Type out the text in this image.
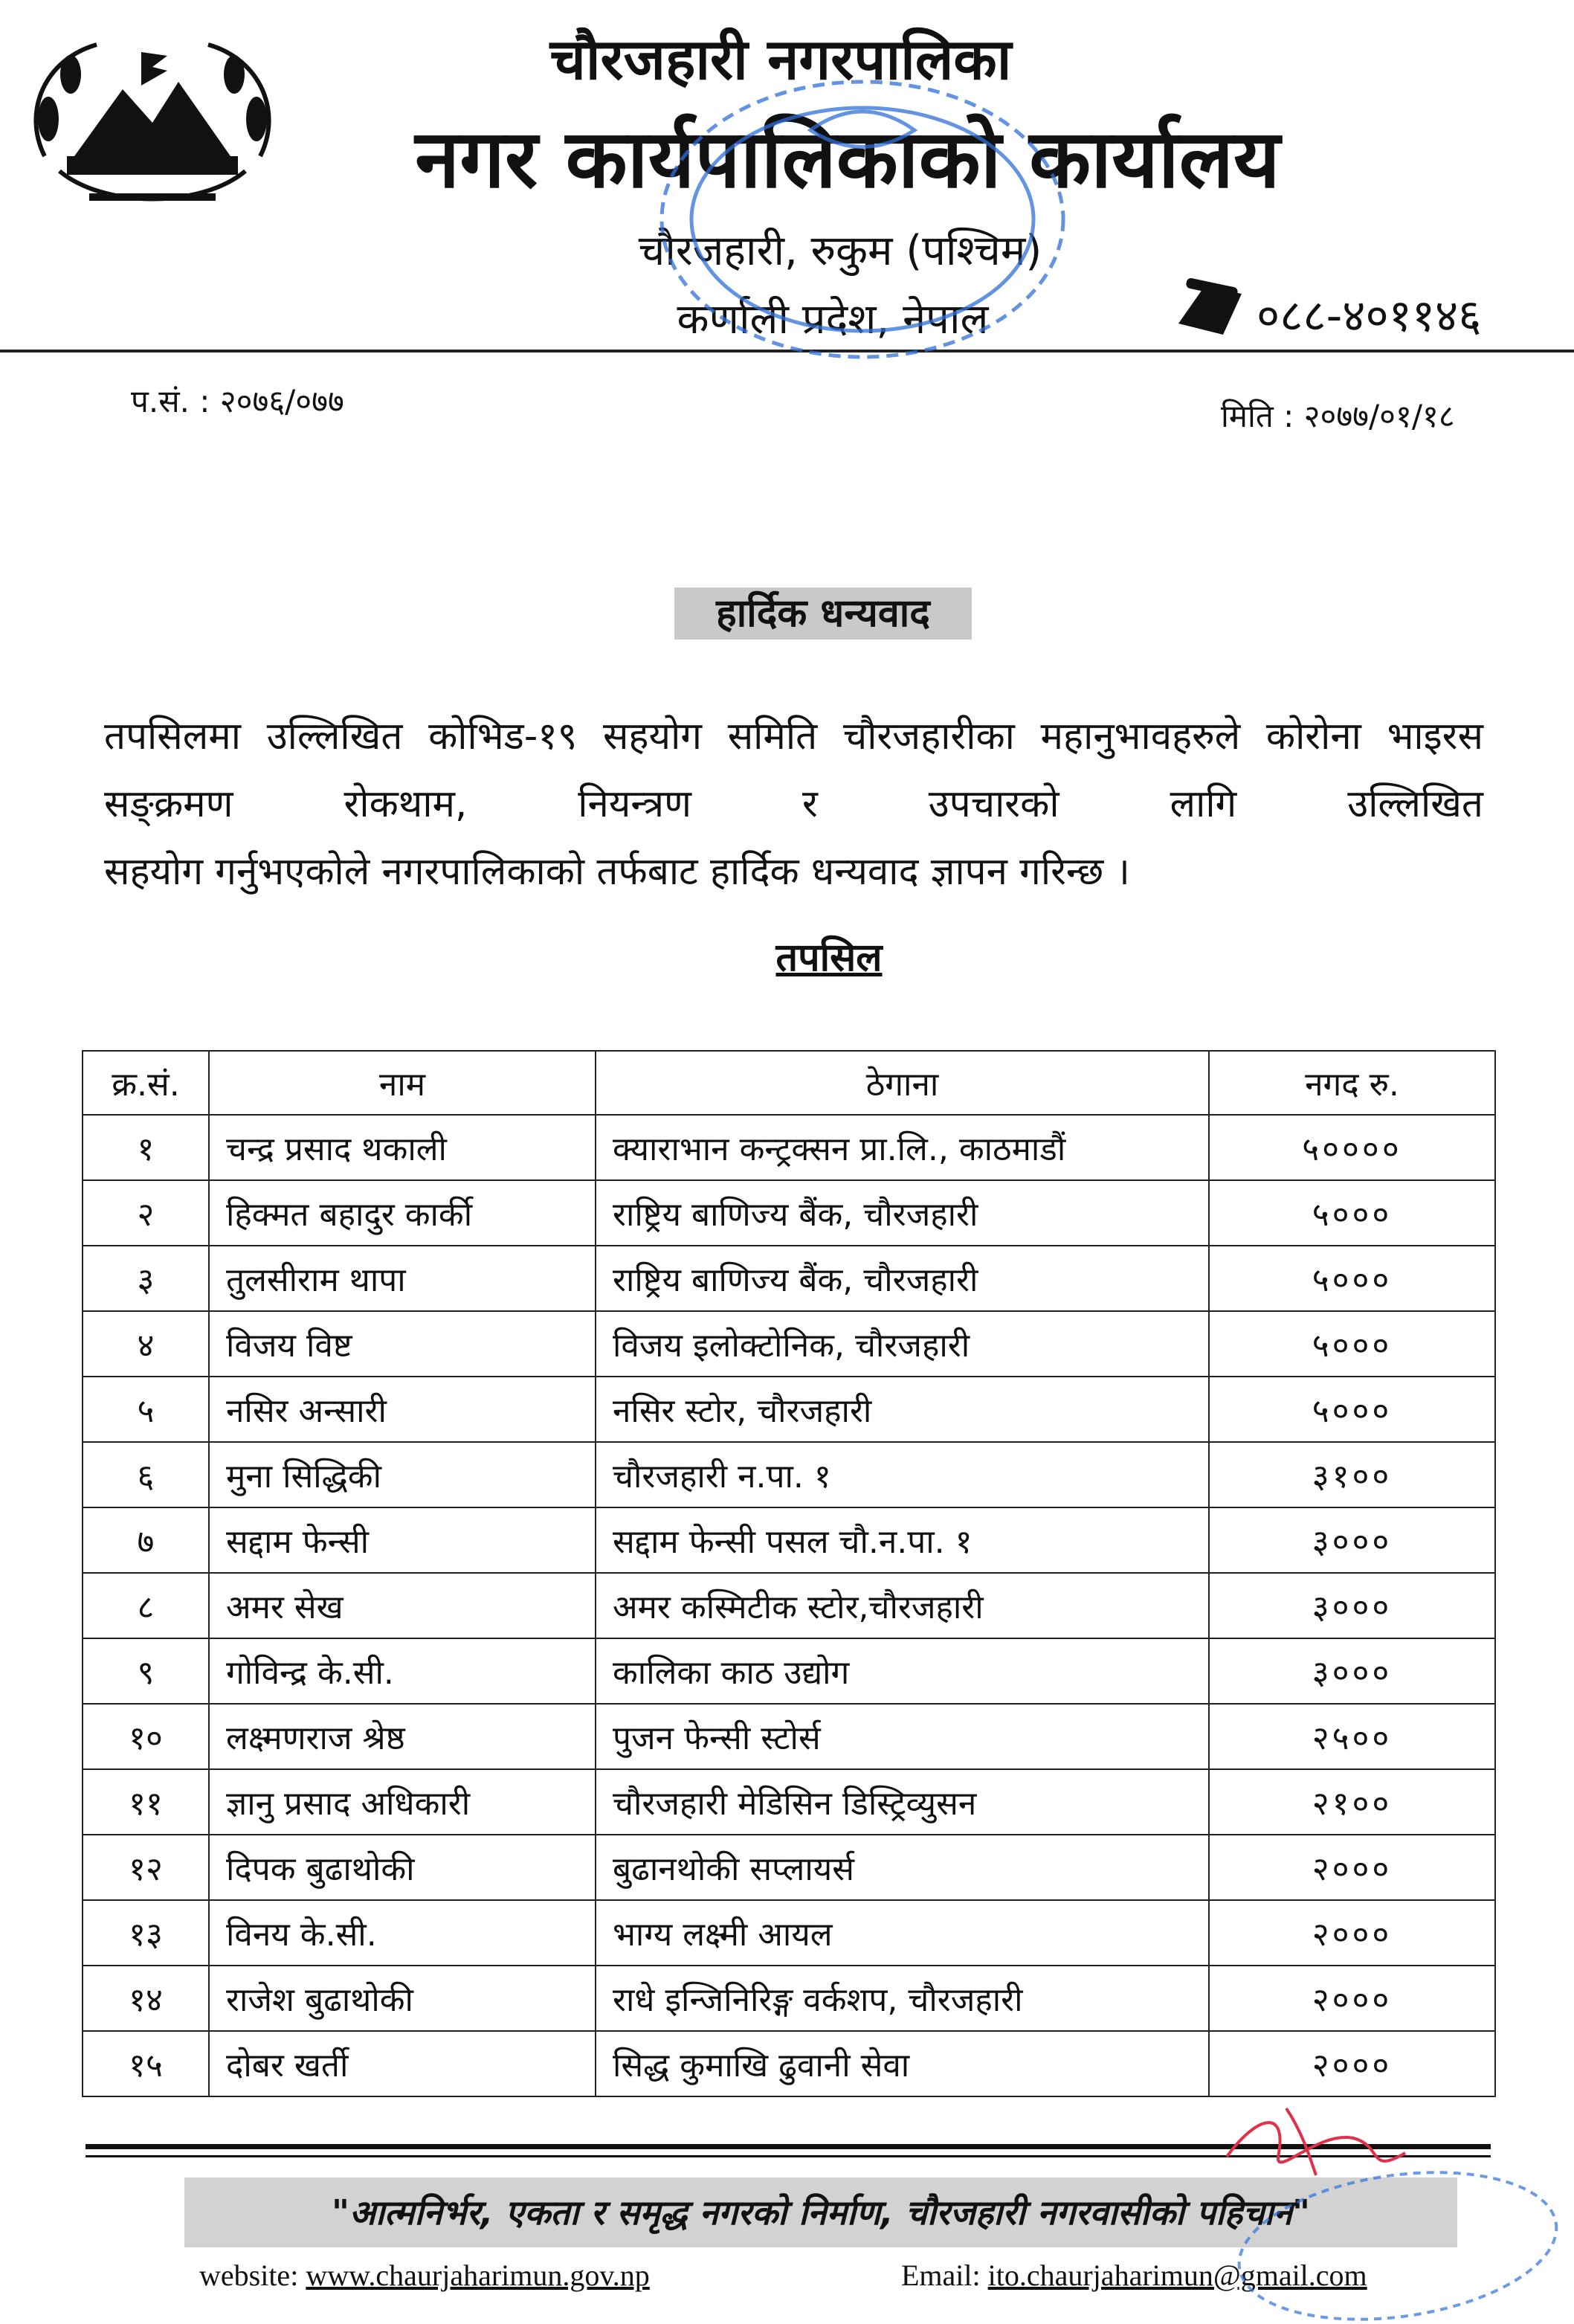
चौरजहारी नगरपालिका
नगर कार्यपालिकाको कार्यालय
चौरजहारी, रुकुम (पश्चिम)
कर्णाली प्रदेश, नेपाल	०८८-४०११४६
प.सं. : २०७६/०७७	मिति : २०७७/०१/१८
हार्दिक धन्यवाद
तपसिलमा उल्लिखित कोभिड-१९ सहयोग समिति चौरजहारीका महानुभावहरुले कोरोना भाइरस सङ्क्रमण रोकथाम, नियन्त्रण र उपचारको लागि उल्लिखित
सहयोग गर्नुभएकोले नगरपालिकाको तर्फबाट हार्दिक धन्यवाद ज्ञापन गरिन्छ ।
तपसिल
क्र.सं.	नाम	ठेगाना	नगद रु.
१	चन्द्र प्रसाद थकाली	क्याराभान कन्ट्रक्सन प्रा.लि., काठमाडौं	५००००
२	हिक्मत बहादुर कार्की	राष्ट्रिय बाणिज्य बैंक, चौरजहारी	५०००
३	तुलसीराम थापा	राष्ट्रिय बाणिज्य बैंक, चौरजहारी	५०००
४	विजय विष्ट	विजय इलोक्टोनिक, चौरजहारी	५०००
५	नसिर अन्सारी	नसिर स्टोर, चौरजहारी	५०००
६	मुना सिद्धिकी	चौरजहारी न.पा. १	३१००
७	सद्दाम फेन्सी	सद्दाम फेन्सी पसल चौ.न.पा. १	३०००
८	अमर सेख	अमर कस्मिटीक स्टोर,चौरजहारी	३०००
९	गोविन्द्र के.सी.	कालिका काठ उद्योग	३०००
१०	लक्ष्मणराज श्रेष्ठ	पुजन फेन्सी स्टोर्स	२५००
११	ज्ञानु प्रसाद अधिकारी	चौरजहारी मेडिसिन डिस्ट्रिव्युसन	२१००
१२	दिपक बुढाथोकी	बुढानथोकी सप्लायर्स	२०००
१३	विनय के.सी.	भाग्य लक्ष्मी आयल	२०००
१४	राजेश बुढाथोकी	राधे इन्जिनिरिङ्ग वर्कशप, चौरजहारी	२०००
१५	दोबर खर्ती	सिद्ध कुमाखि ढुवानी सेवा	२०००
"आत्मनिर्भर, एकता र समृद्ध नगरको निर्माण, चौरजहारी नगरवासीको पहिचान"
website: www.chaurjaharimun.gov.np	Email: ito.chaurjaharimun@gmail.com
